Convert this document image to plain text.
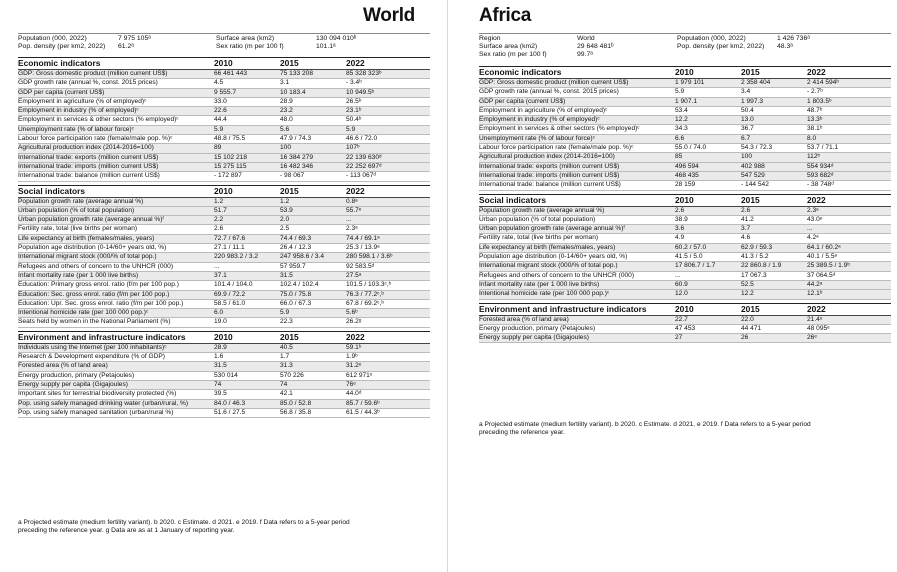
World
Population (000, 2022)	7 975 105ᵃ	Surface area (km2)	130 094 010ᵇ
Pop. density (per km2, 2022) 61.2ᵃ	Sex ratio (m per 100 f)	101.1ᵃ
Economic indicators	2010	2015	2022
GDP: Gross domestic product (million current US$)	66 461 443	75 133 208	85 328 323ᵇ
GDP growth rate (annual %, const. 2015 prices)	4.5	3.1	- 3.4ᵇ
GDP per capita (current US$)	9 555.7	10 183.4	10 949.5ᵇ
Employment in agriculture (% of employed)ᶜ	33.0	28.9	26.5ᵇ
Employment in industry (% of employed)ᶜ	22.6	23.2	23.1ᵇ
Employment in services & other sectors (% employed)ᶜ	44.4	48.0	50.4ᵇ
Unemployment rate (% of labour force)ᶜ	5.9	5.6	5.9
Labour force participation rate (female/male pop. %)ᶜ	48.8 / 75.5	47.9 / 74.3	46.6 / 72.0
Agricultural production index (2014-2016=100)	89	100	107ᵇ
International trade: exports (million current US$)	15 102 218	16 384 279	22 139 630ᵈ
International trade: imports (million current US$)	15 275 115	16 482 346	22 252 697ᵈ
International trade: balance (million current US$)	- 172 897	- 98 067	- 113 067ᵈ
Social indicators	2010	2015	2022
Population growth rate (average annual %)	1.2	1.2	0.8ᵃ
Urban population (% of total population)	51.7	53.9	55.7ᵉ
Urban population growth rate (average annual %)ᶠ	2.2	2.0	...
Fertility rate, total (live births per woman)	2.6	2.5	2.3ᵃ
Life expectancy at birth (females/males, years)	72.7 / 67.6	74.4 / 69.3	74.4 / 69.1ᵃ
Population age distribution (0-14/60+ years old, %)	27.1 / 11.1	26.4 / 12.3	25.3 / 13.9ᵃ
International migrant stock (000/% of total pop.)	220 983.2 / 3.2	247 958.6 / 3.4	280 598.1 / 3.6ᵇ
Refugees and others of concern to the UNHCR (000)	...	57 959.7	92 583.5ᵈ
Infant mortality rate (per 1 000 live births)	37.1	31.5	27.5ᵃ
Education: Primary gross enrol. ratio (f/m per 100 pop.)	101.4 / 104.0	102.4 / 102.4	101.5 / 103.3ᶜ,ᵇ
Education: Sec. gross enrol. ratio (f/m per 100 pop.)	69.9 / 72.2	75.0 / 75.8	76.3 / 77.2ᶜ,ᵇ
Education: Upr. Sec. gross enrol. ratio (f/m per 100 pop.)	58.5 / 61.0	66.0 / 67.3	67.8 / 69.2ᶜ,ᵇ
Intentional homicide rate (per 100 000 pop.)ᶜ	6.0	5.9	5.6ᵇ
Seats held by women in the National Parliament (%)	19.0	22.3	26.2ᵍ
Environment and infrastructure indicators	2010	2015	2022
Individuals using the Internet (per 100 inhabitants)ᶜ	28.9	40.5	59.1ᵇ
Research & Development expenditure (% of GDP)	1.6	1.7	1.9ᵇ
Forested area (% of land area)	31.5	31.3	31.2ᵉ
Energy production, primary (Petajoules)	530 014	570 226	612 971ᵉ
Energy supply per capita (Gigajoules)	74	74	76ᵉ
Important sites for terrestrial biodiversity protected (%)	39.5	42.1	44.0ᵈ
Pop. using safely managed drinking water (urban/rural, %)	84.0 / 46.3	85.0 / 52.8	85.7 / 59.6ᵇ
Pop. using safely managed sanitation (urban/rural %)	51.6 / 27.5	56.8 / 35.8	61.5 / 44.3ᵇ
a Projected estimate (medium fertility variant). b 2020. c Estimate. d 2021. e 2019. f Data refers to a 5-year period
preceding the reference year. g Data are as at 1 January of reporting year.
Africa
Region	World	Population (000, 2022)	1 426 736ᵃ
Surface area (km2)	29 648 481ᵇ	Pop. density (per km2, 2022) 48.3ᵃ
Sex ratio (m per 100 f)	99.7ᵃ
Economic indicators	2010	2015	2022
GDP: Gross domestic product (million current US$)	1 979 101	2 358 404	2 414 594ᵇ
GDP growth rate (annual %, const. 2015 prices)	5.9	3.4	- 2.7ᵇ
GDP per capita (current US$)	1 907.1	1 997.3	1 803.5ᵇ
Employment in agriculture (% of employed)ᶜ	53.4	50.4	48.7ᵇ
Employment in industry (% of employed)ᶜ	12.2	13.0	13.3ᵇ
Employment in services & other sectors (% employed)ᶜ	34.3	36.7	38.1ᵇ
Unemployment rate (% of labour force)ᶜ	6.6	6.7	8.0
Labour force participation rate (female/male pop. %)ᶜ	55.0 / 74.0	54.3 / 72.3	53.7 / 71.1
Agricultural production index (2014-2016=100)	85	100	112ᵇ
International trade: exports (million current US$)	496 594	402 988	554 934ᵈ
International trade: imports (million current US$)	468 435	547 529	593 682ᵈ
International trade: balance (million current US$)	28 159	- 144 542	- 38 748ᵈ
Social indicators	2010	2015	2022
Population growth rate (average annual %)	2.6	2.6	2.3ᵃ
Urban population (% of total population)	38.9	41.2	43.0ᵉ
Urban population growth rate (average annual %)ᶠ	3.6	3.7	...
Fertility rate, total (live births per woman)	4.9	4.6	4.2ᵃ
Life expectancy at birth (females/males, years)	60.2 / 57.0	62.9 / 59.3	64.1 / 60.2ᵃ
Population age distribution (0-14/60+ years old, %)	41.5 / 5.0	41.3 / 5.2	40.1 / 5.5ᵃ
International migrant stock (000/% of total pop.)	17 806.7 / 1.7	22 860.8 / 1.9	25 389.5 / 1.9ᵇ
Refugees and others of concern to the UNHCR (000)	...	17 067.3	37 064.5ᵈ
Infant mortality rate (per 1 000 live births)	60.9	52.5	44.2ᵃ
Intentional homicide rate (per 100 000 pop.)ᶜ	12.0	12.2	12.1ᵇ
Environment and infrastructure indicators	2010	2015	2022
Forested area (% of land area)	22.7	22.0	21.4ᵉ
Energy production, primary (Petajoules)	47 453	44 471	48 095ᵉ
Energy supply per capita (Gigajoules)	27	26	26ᵉ
a Projected estimate (medium fertility variant). b 2020. c Estimate. d 2021. e 2019. f Data refers to a 5-year period
preceding the reference year.
